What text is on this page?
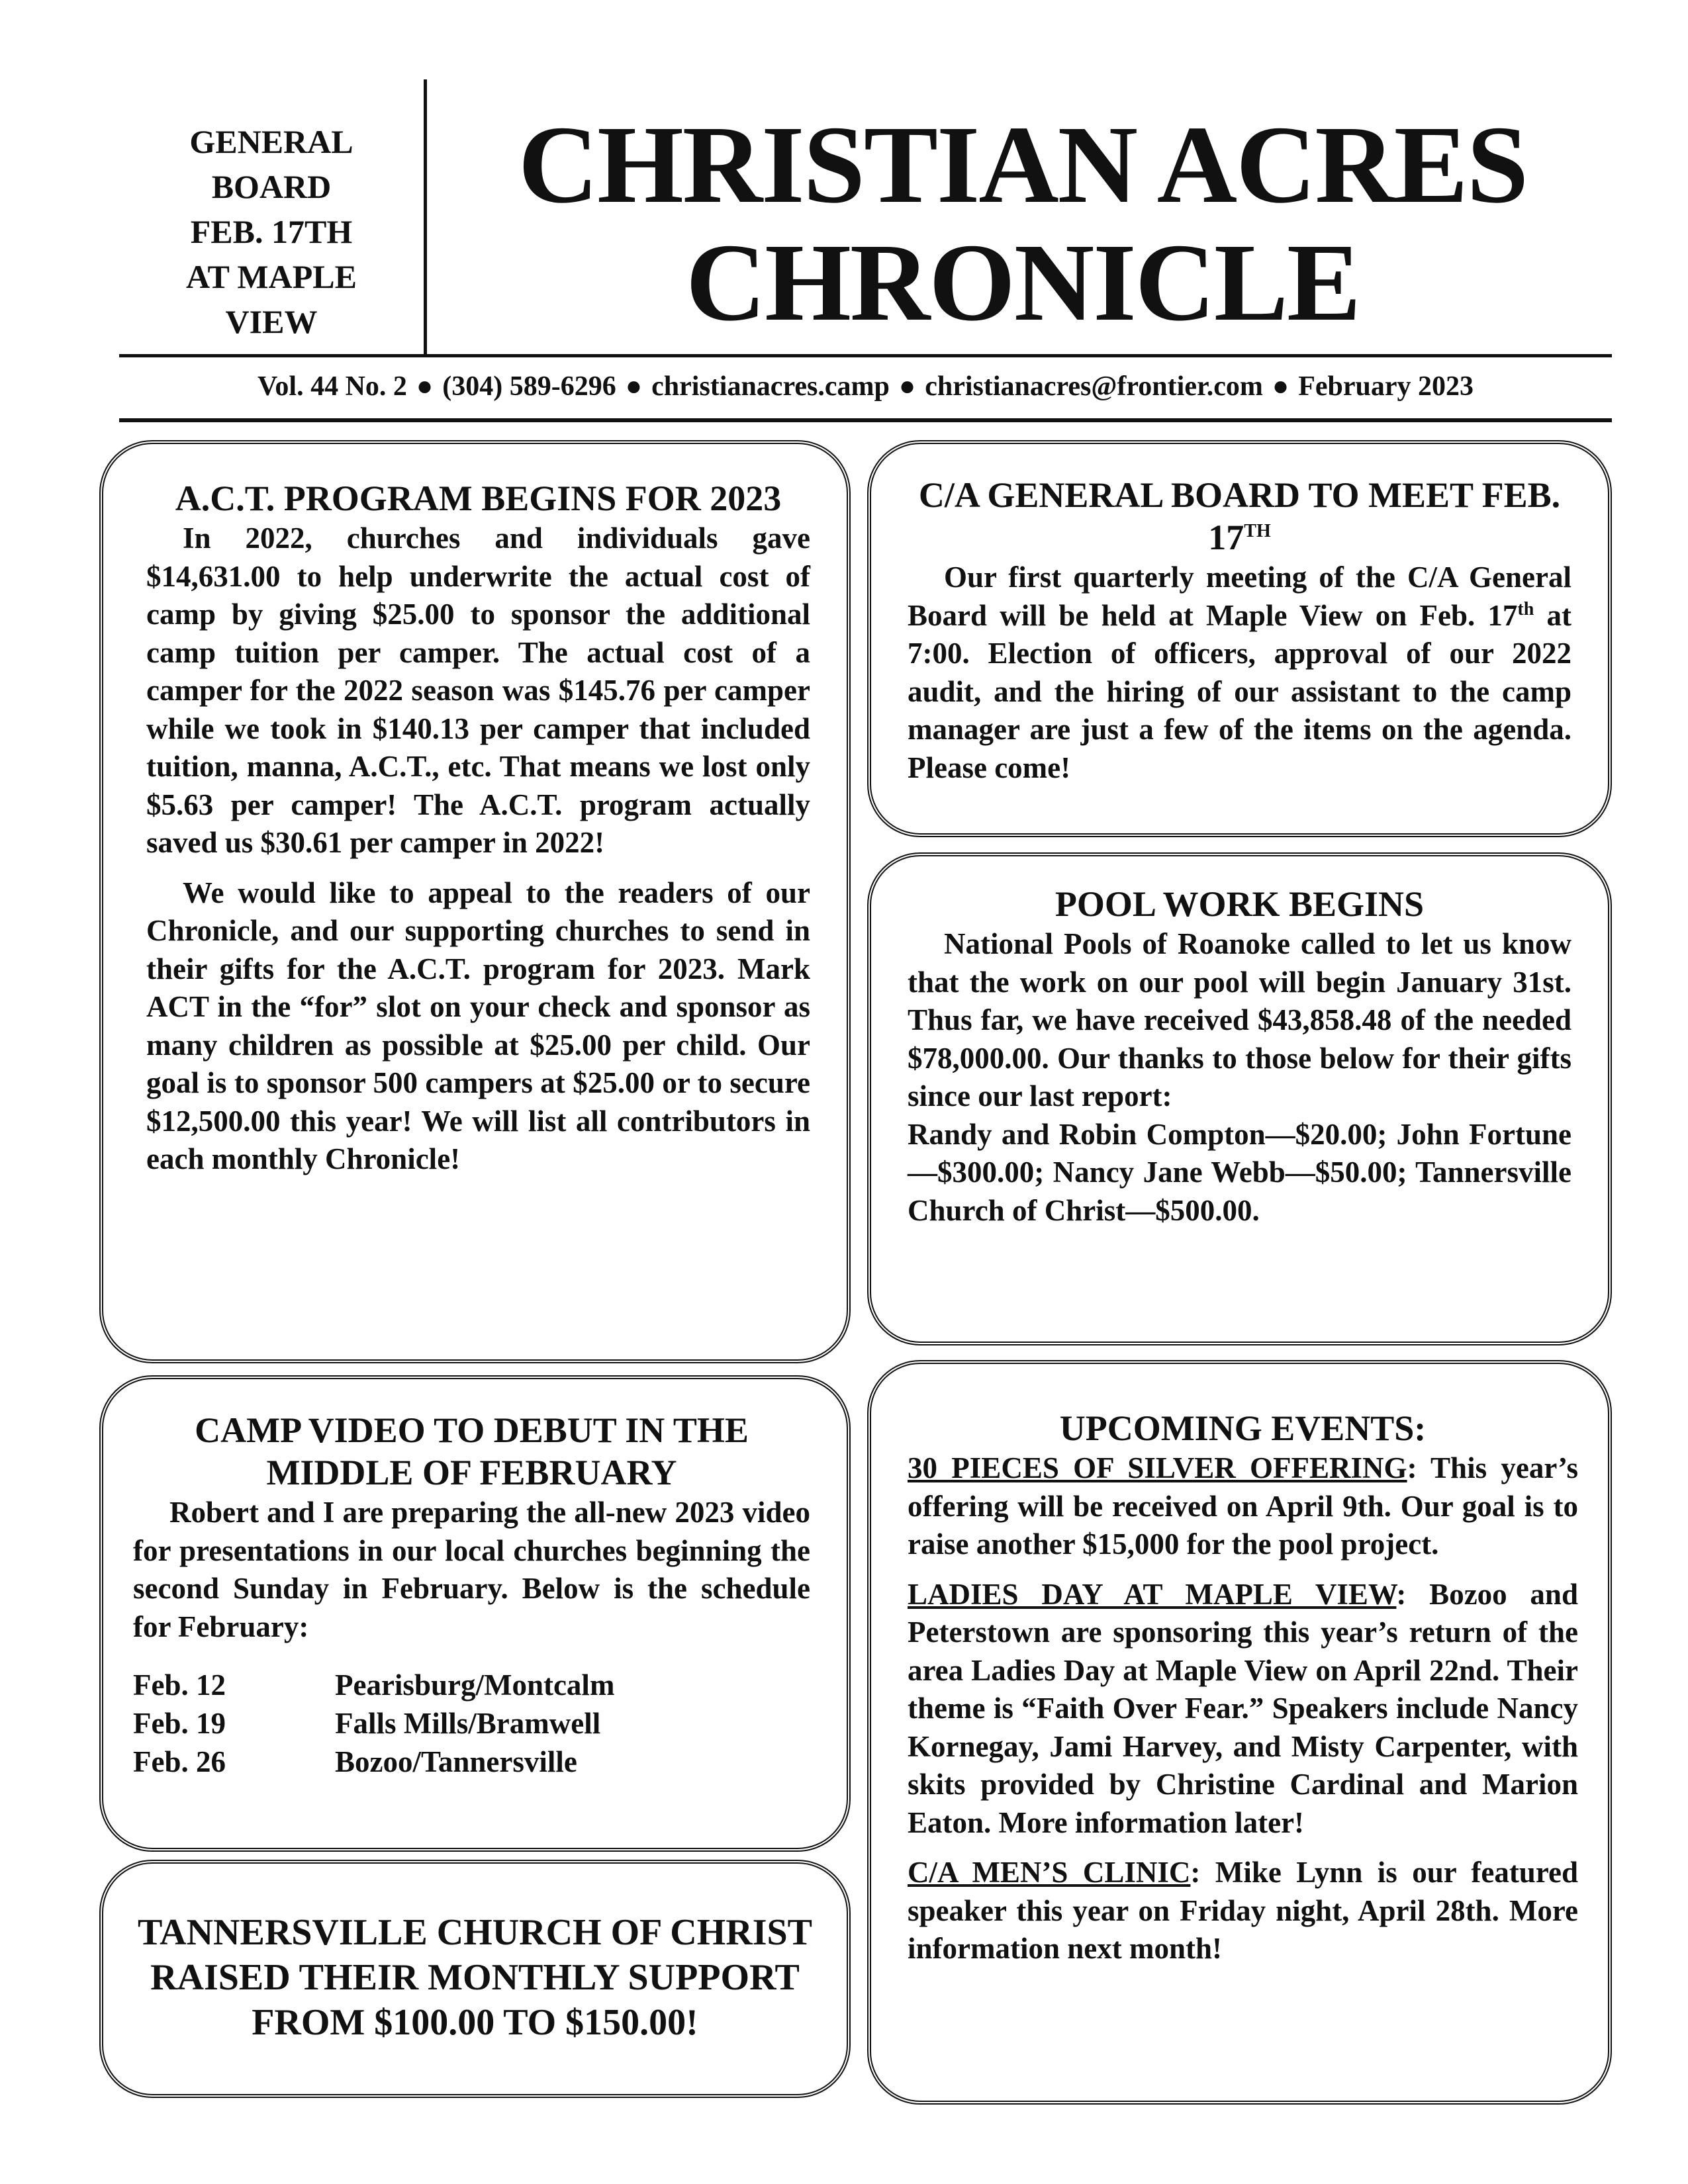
GENERAL
BOARD
FEB. 17TH
AT MAPLE
VIEW
CHRISTIAN ACRES
CHRONICLE
Vol. 44 No. 2 ● (304) 589-6296 ● christianacres.camp ● christianacres@frontier.com ● February 2023
A.C.T. PROGRAM BEGINS FOR 2023

In 2022, churches and individuals gave $14,631.00 to help underwrite the actual cost of camp by giving $25.00 to sponsor the additional camp tuition per camper. The actual cost of a camper for the 2022 season was $145.76 per camper while we took in $140.13 per camper that included tuition, manna, A.C.T., etc. That means we lost only $5.63 per camper! The A.C.T. program actually saved us $30.61 per camper in 2022!

We would like to appeal to the readers of our Chronicle, and our supporting churches to send in their gifts for the A.C.T. program for 2023. Mark ACT in the “for” slot on your check and sponsor as many children as possible at $25.00 per child. Our goal is to sponsor 500 campers at $25.00 or to secure $12,500.00 this year! We will list all contributors in each monthly Chronicle!

C/A GENERAL BOARD TO MEET FEB. 17TH

Our first quarterly meeting of the C/A General Board will be held at Maple View on Feb. 17th at 7:00. Election of officers, approval of our 2022 audit, and the hiring of our assistant to the camp manager are just a few of the items on the agenda. Please come!

POOL WORK BEGINS

National Pools of Roanoke called to let us know that the work on our pool will begin January 31st. Thus far, we have received $43,858.48 of the needed $78,000.00. Our thanks to those below for their gifts since our last report:

Randy and Robin Compton—$20.00; John Fortune—$300.00; Nancy Jane Webb—$50.00; Tannersville Church of Christ—$500.00.

CAMP VIDEO TO DEBUT IN THE MIDDLE OF FEBRUARY

Robert and I are preparing the all-new 2023 video for presentations in our local churches beginning the second Sunday in February. Below is the schedule for February:

Feb. 12	Pearisburg/Montcalm
Feb. 19	Falls Mills/Bramwell
Feb. 26	Bozoo/Tannersville
TANNERSVILLE CHURCH OF CHRIST RAISED THEIR MONTHLY SUPPORT FROM $100.00 TO $150.00!
UPCOMING EVENTS:

30 PIECES OF SILVER OFFERING: This year’s offering will be received on April 9th. Our goal is to raise another $15,000 for the pool project.

LADIES DAY AT MAPLE VIEW: Bozoo and Peterstown are sponsoring this year’s return of the area Ladies Day at Maple View on April 22nd. Their theme is “Faith Over Fear.” Speakers include Nancy Kornegay, Jami Harvey, and Misty Carpenter, with skits provided by Christine Cardinal and Marion Eaton. More information later!

C/A MEN’S CLINIC: Mike Lynn is our featured speaker this year on Friday night, April 28th. More information next month!
